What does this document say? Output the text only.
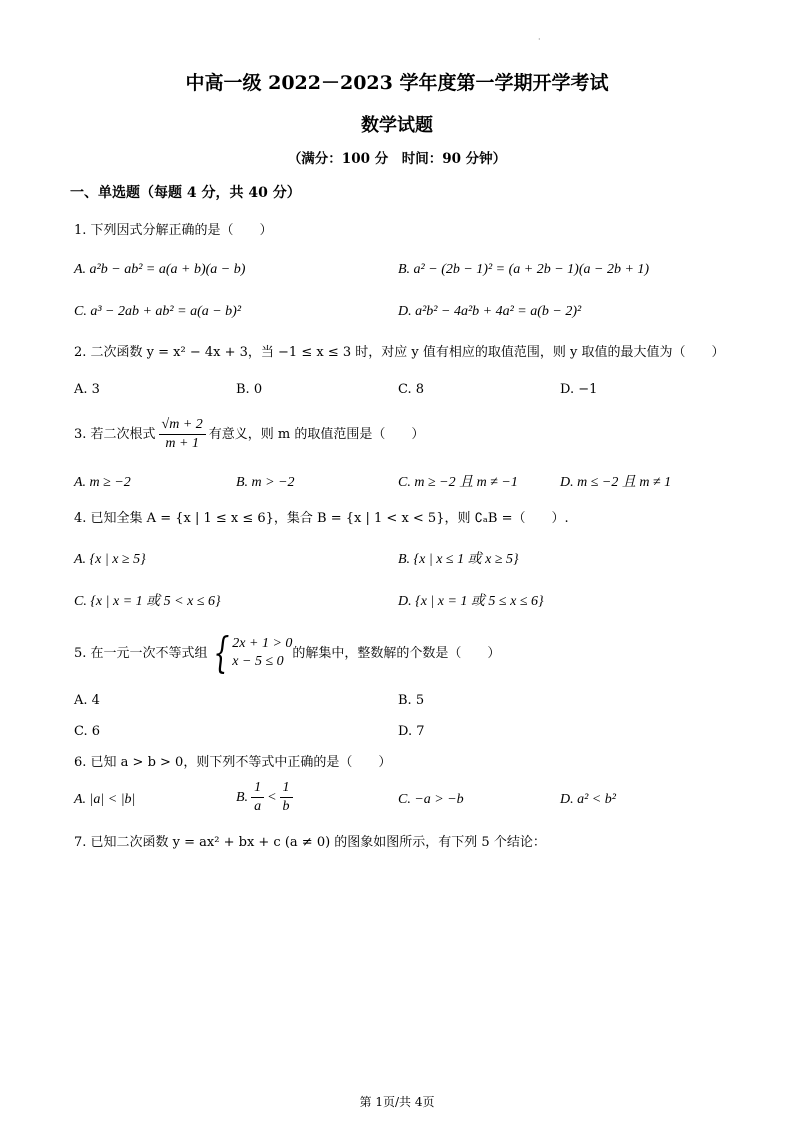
·
中高一级 2022－2023 学年度第一学期开学考试
数学试题
（满分：100 分　时间：90 分钟）
一、单选题（每题 4 分，共 40 分）
1. 下列因式分解正确的是（　　）
A. a²b − ab² = a(a + b)(a − b)	B. a² − (2b − 1)² = (a + 2b − 1)(a − 2b + 1)
C. a³ − 2ab + ab² = a(a − b)²	D. a²b² − 4a²b + 4a² = a(b − 2)²
2. 二次函数 y = x² − 4x + 3，当 −1 ≤ x ≤ 3 时，对应 y 值有相应的取值范围，则 y 取值的最大值为（　　）
A. 3	B. 0	C. 8	D. −1
3. 若二次根式 $\frac{√m + 2}{m + 1}$ 有意义，则 m 的取值范围是（　　）
A. m ≥ −2	B. m > −2	C. m ≥ −2 且 m ≠ −1	D. m ≤ −2 且 m ≠ 1
4. 已知全集 A = {x | 1 ≤ x ≤ 6}，集合 B = {x | 1 < x < 5}，则 ∁ₐB =（　　）.
A. {x | x ≥ 5}	B. {x | x ≤ 1 或 x ≥ 5}
C. {x | x = 1 或 5 < x ≤ 6}	D. {x | x = 1 或 5 ≤ x ≤ 6}
5. 在一元一次不等式组 { 2x + 1 > 0
x − 5 ≤ 0
的解集中，整数解的个数是（　　）
A. 4	B. 5
C. 6	D. 7
6. 已知 a > b > 0，则下列不等式中正确的是（　　）
A. |a| < |b|	B. $\frac{1}{a} < \frac{1}{b}$	C. −a > −b	D. a² < b²
7. 已知二次函数 y = ax² + bx + c (a ≠ 0) 的图象如图所示，有下列 5 个结论：
第 1页/共 4页
